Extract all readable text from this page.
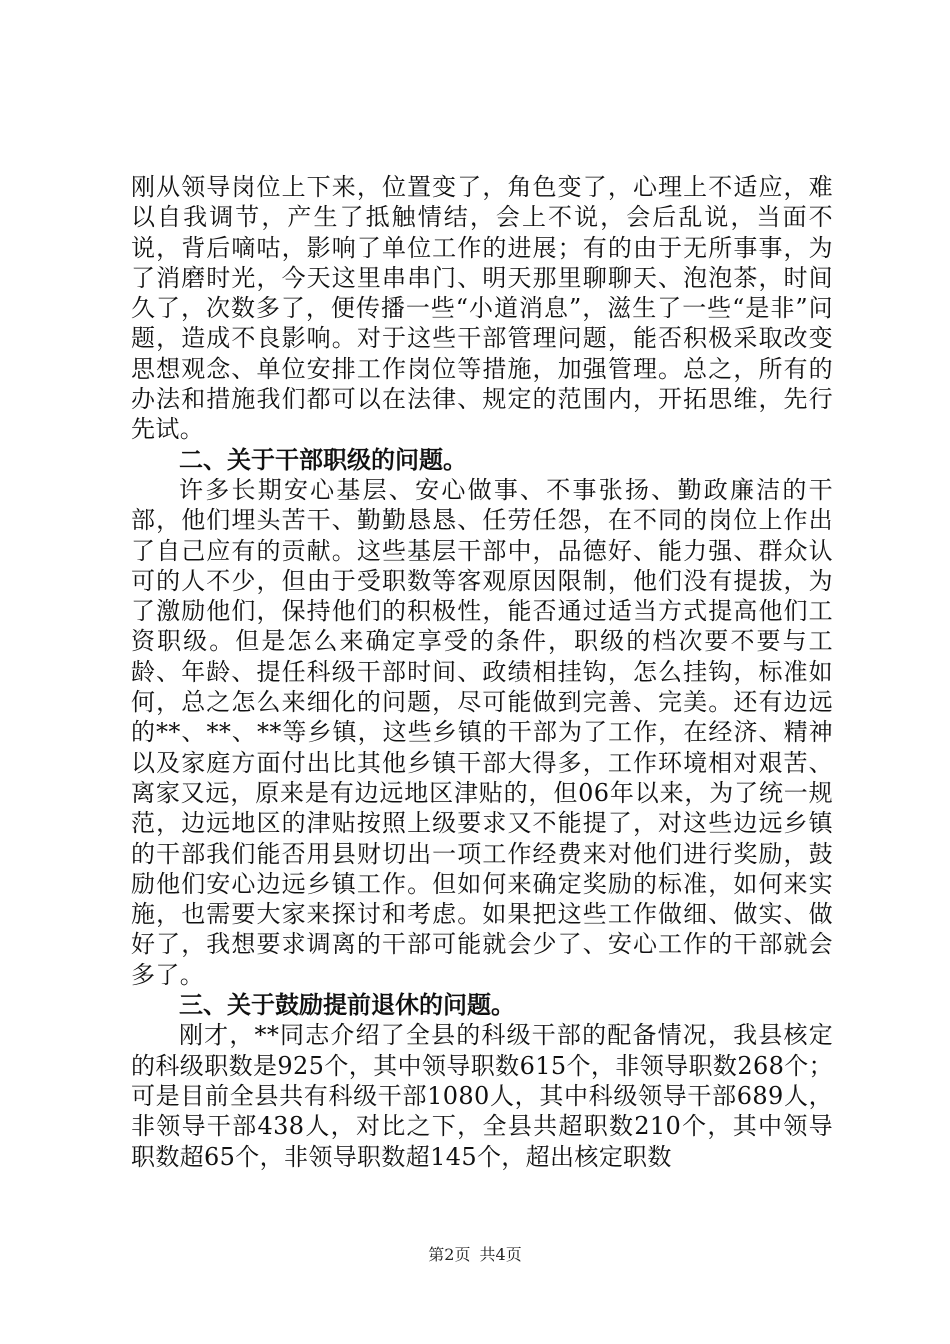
刚从领导岗位上下来，位置变了，角色变了，心理上不适应，难以自我调节，产生了抵触情结，会上不说，会后乱说，当面不说，背后嘀咕，影响了单位工作的进展；有的由于无所事事，为了消磨时光，今天这里串串门、明天那里聊聊天、泡泡茶，时间久了，次数多了，便传播一些“小道消息”，滋生了一些“是非”问题，造成不良影响。对于这些干部管理问题，能否积极采取改变思想观念、单位安排工作岗位等措施，加强管理。总之，所有的办法和措施我们都可以在法律、规定的范围内，开拓思维，先行先试。

二、关于干部职级的问题。

许多长期安心基层、安心做事、不事张扬、勤政廉洁的干部，他们埋头苦干、勤勤恳恳、任劳任怨，在不同的岗位上作出了自己应有的贡献。这些基层干部中，品德好、能力强、群众认可的人不少，但由于受职数等客观原因限制，他们没有提拔，为了激励他们，保持他们的积极性，能否通过适当方式提高他们工资职级。但是怎么来确定享受的条件，职级的档次要不要与工龄、年龄、提任科级干部时间、政绩相挂钩，怎么挂钩，标准如何，总之怎么来细化的问题，尽可能做到完善、完美。还有边远的**、**、**等乡镇，这些乡镇的干部为了工作，在经济、精神以及家庭方面付出比其他乡镇干部大得多，工作环境相对艰苦、离家又远，原来是有边远地区津贴的，但06年以来，为了统一规范，边远地区的津贴按照上级要求又不能提了，对这些边远乡镇的干部我们能否用县财切出一项工作经费来对他们进行奖励，鼓励他们安心边远乡镇工作。但如何来确定奖励的标准，如何来实施，也需要大家来探讨和考虑。如果把这些工作做细、做实、做好了，我想要求调离的干部可能就会少了、安心工作的干部就会多了。

三、关于鼓励提前退休的问题。

刚才，**同志介绍了全县的科级干部的配备情况，我县核定的科级职数是925个，其中领导职数615个，非领导职数268个；可是目前全县共有科级干部1080人，其中科级领导干部689人，非领导干部438人，对比之下，全县共超职数210个，其中领导职数超65个，非领导职数超145个，超出核定职数

第2页 共4页
